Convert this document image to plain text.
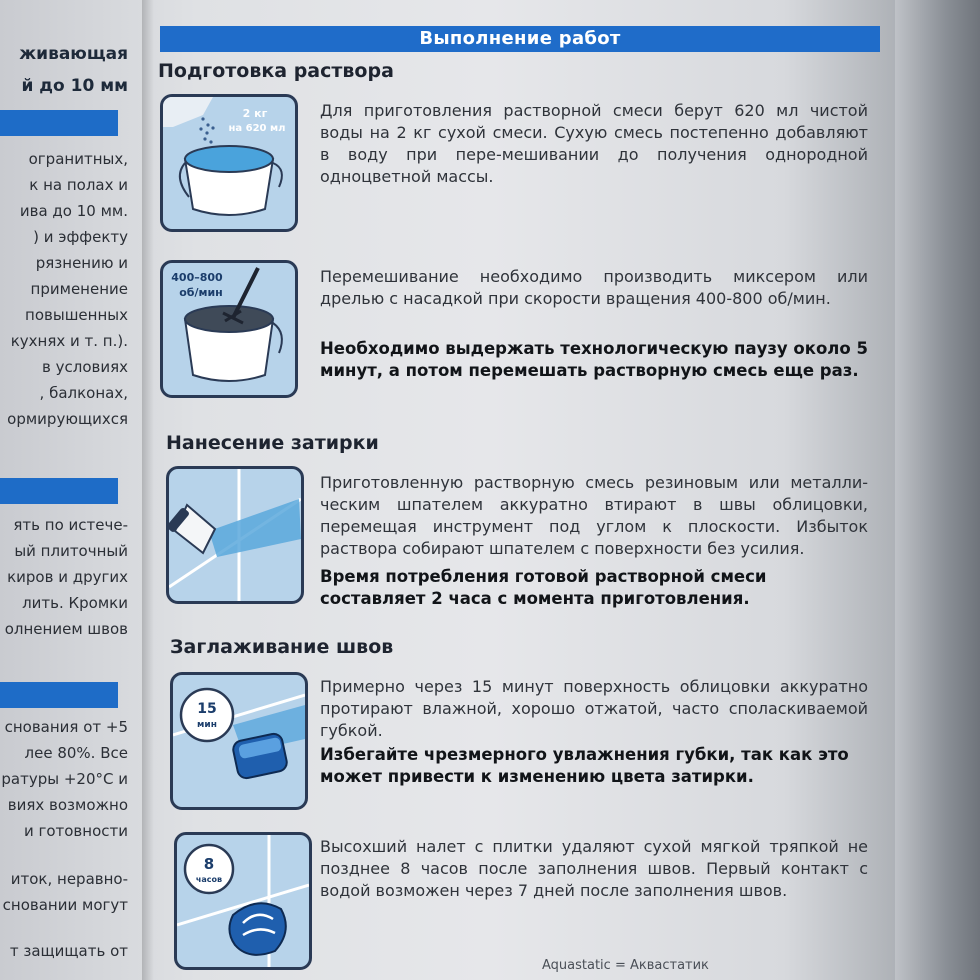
живающая
й до 10 мм
огранитных,
к на полах и
ива до 10 мм.
) и эффекту
рязнению и
применение
повышенных
кухнях и т. п.).
в условиях
, балконах,
ормирующихся
ять по истече-
ый плиточный
киров и других
лить. Кромки
олнением швов
снования от +5
лее 80%. Все
ратуры +20°С и
виях возможно
и готовности
иток, неравно-
сновании могут
т защищать от
Выполнение работ
Подготовка раствора
2 кг
на 620 мл
Для приготовления растворной смеси берут 620 мл чистой воды на 2 кг сухой смеси. Сухую смесь постепенно добавляют в воду при пере-мешивании до получения однородной одноцветной массы.
400–800
об/мин
Перемешивание необходимо производить миксером или дрелью с насадкой при скорости вращения 400-800 об/мин.
Необходимо выдержать технологическую паузу около 5 минут, а потом перемешать растворную смесь еще раз.
Нанесение затирки
Приготовленную растворную смесь резиновым или металли-ческим шпателем аккуратно втирают в швы облицовки, перемещая инструмент под углом к плоскости. Избыток раствора собирают шпателем с поверхности без усилия.
Время потребления готовой растворной смеси составляет 2 часа с момента приготовления.
Заглаживание швов
15
мин
Примерно через 15 минут поверхность облицовки аккуратно протирают влажной, хорошо отжатой, часто споласкиваемой губкой.
Избегайте чрезмерного увлажнения губки, так как это может привести к изменению цвета затирки.
8
часов
Высохший налет с плитки удаляют сухой мягкой тряпкой не позднее 8 часов после заполнения швов. Первый контакт с водой возможен через 7 дней после заполнения швов.
Aquastatic = Аквастатик
